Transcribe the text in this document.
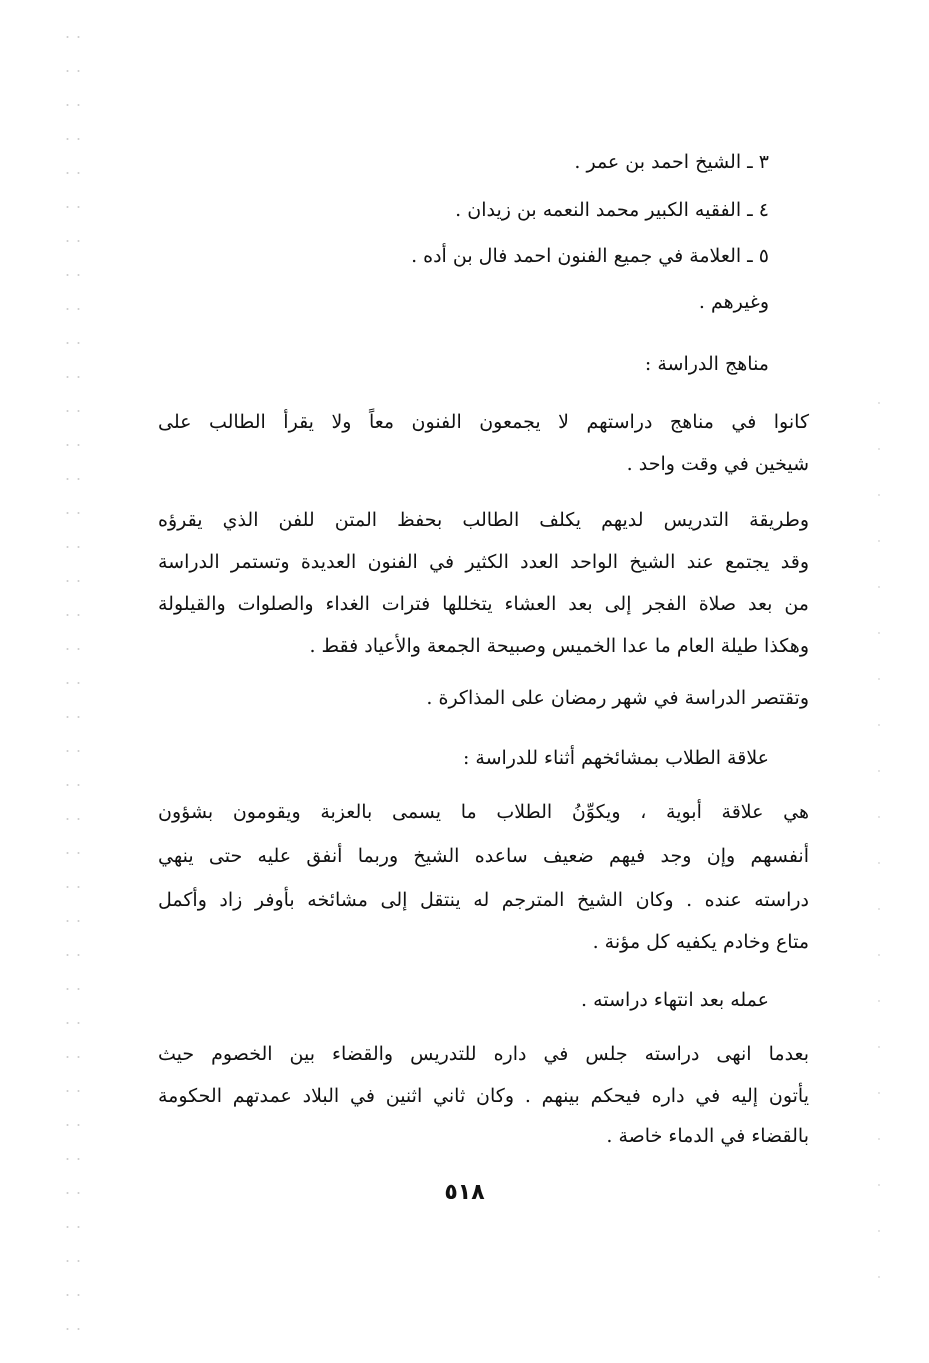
٣ ـ الشيخ احمد بن عمر .
٤ ـ الفقيه الكبير محمد النعمه بن زيدان .
٥ ـ العلامة في جميع الفنون احمد فال بن أده .
وغيرهم .
مناهج الدراسة :
كانوا في مناهج دراستهم لا يجمعون الفنون معاً ولا يقرأ الطالب على
شيخين في وقت واحد .
وطريقة التدريس لديهم يكلف الطالب بحفظ المتن للفن الذي يقرؤه
وقد يجتمع عند الشيخ الواحد العدد الكثير في الفنون العديدة وتستمر الدراسة
من بعد صلاة الفجر إلى بعد العشاء يتخللها فترات الغداء والصلوات والقيلولة
وهكذا طيلة العام ما عدا الخميس وصبيحة الجمعة والأعياد فقط .
وتقتصر الدراسة في شهر رمضان على المذاكرة .
علاقة الطلاب بمشائخهم أثناء للدراسة :
هي علاقة أبوية ، ويكوِّنُ الطلاب ما يسمى بالعزبة ويقومون بشؤون
أنفسهم وإن وجد فيهم ضعيف ساعده الشيخ وربما أنفق عليه حتى ينهي
دراسته عنده . وكان الشيخ المترجم له ينتقل إلى مشائخه بأوفر زاد وأكمل
متاع وخادم يكفيه كل مؤنة .
عمله بعد انتهاء دراسته .
بعدما انهى دراسته جلس في داره للتدريس والقضاء بين الخصوم حيث
يأتون إليه في داره فيحكم بينهم . وكان ثاني اثنين في البلاد عمدتهم الحكومة
بالقضاء في الدماء خاصة .
٥١٨
